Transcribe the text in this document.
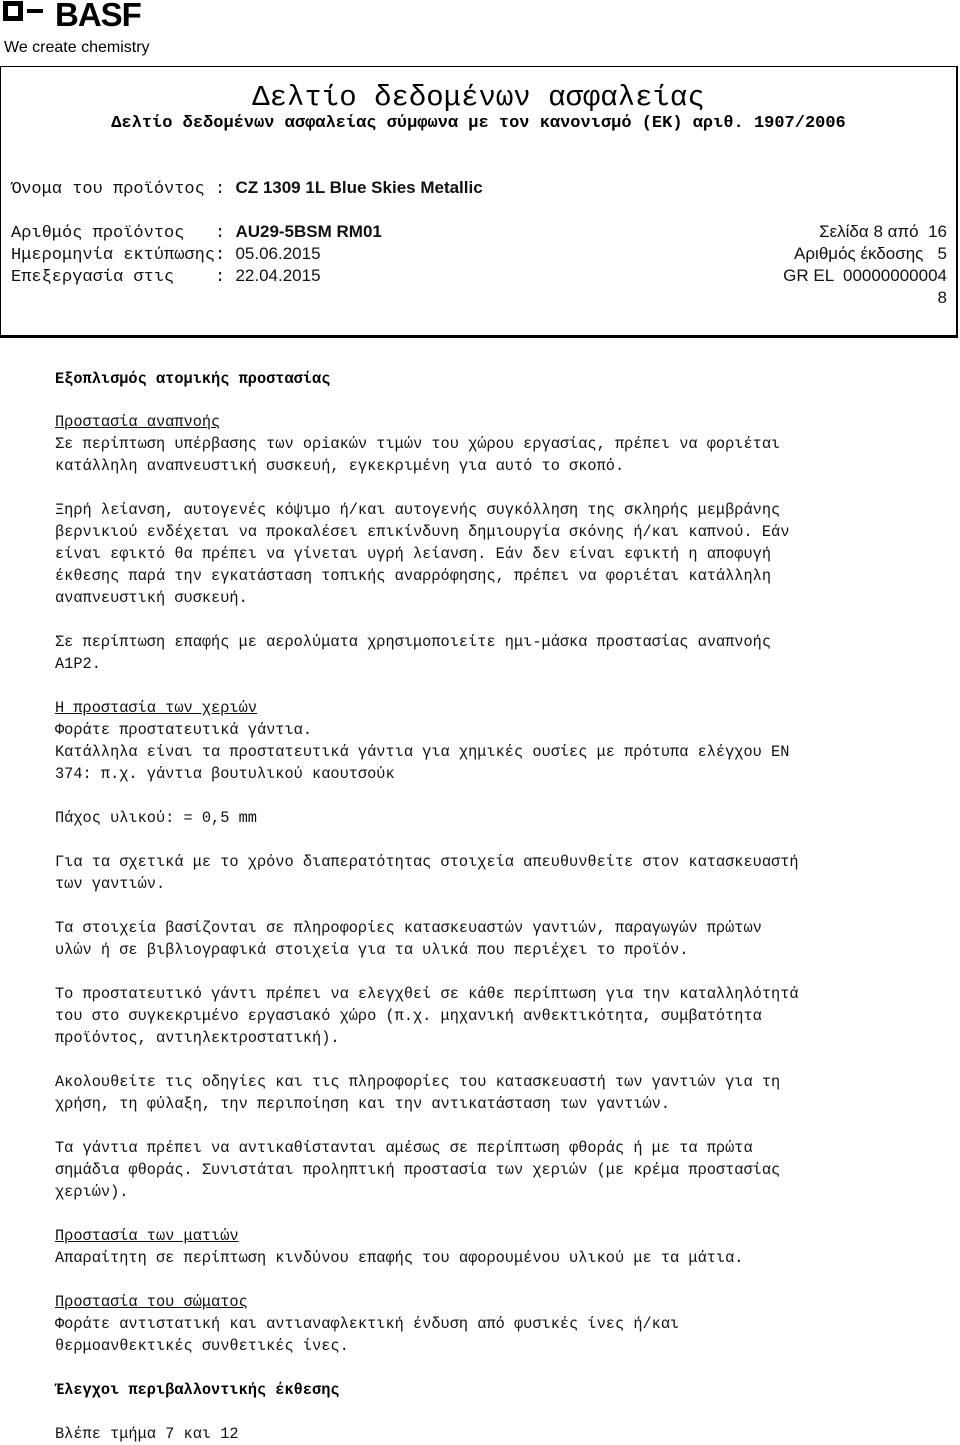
BASF
We create chemistry
Δελτίο δεδομένων ασφαλείας
Δελτίο δεδομένων ασφαλείας σύμφωνα με τον κανονισμό (ΕΚ) αριθ. 1907/2006
Όνομα του προϊόντος : CZ 1309 1L Blue Skies Metallic
Αριθμός προϊόντος   : AU29-5BSM RM01
Ημερομηνία εκτύπωσης: 05.06.2015
Επεξεργασία στις    : 22.04.2015
Σελίδα 8 από  16
Αριθμός έκδοσης   5
GR EL  00000000004
8
Εξοπλισμός ατομικής προστασίας
Προστασία αναπνοής
Σε περίπτωση υπέρβασης των ορiακών τιμών του χώρου εργασίας, πρέπει να φοριέται
κατάλληλη αναπνευστική συσκευή, εγκεκριμένη για αυτό το σκοπό.
Ξηρή λείανση, αυτογενές κόψιμο ή/και αυτογενής συγκόλληση της σκληρής μεμβράνης
βερνικιού ενδέχεται να προκαλέσει επικίνδυνη δημιουργία σκόνης ή/και καπνού. Εάν
είναι εφικτό θα πρέπει να γίνεται υγρή λείανση. Εάν δεν είναι εφικτή η αποφυγή
έκθεσης παρά την εγκατάσταση τοπικής αναρρόφησης, πρέπει να φοριέται κατάλληλη
αναπνευστική συσκευή.
Σε περίπτωση επαφής με αερολύματα χρησιμοποιείτε ημι-μάσκα προστασίας αναπνοής
A1P2.
Η προστασία των χεριών
Φοράτε προστατευτικά γάντια.
Κατάλληλα είναι τα προστατευτικά γάντια για χημικές ουσίες με πρότυπα ελέγχου EN
374: π.χ. γάντια βουτυλικού καουτσούκ
Πάχος υλικού: = 0,5 mm
Για τα σχετικά με το χρόνο διαπερατότητας στοιχεία απευθυνθείτε στον κατασκευαστή
των γαντιών.
Τα στοιχεία βασίζονται σε πληροφορίες κατασκευαστών γαντιών, παραγωγών πρώτων
υλών ή σε βιβλιογραφικά στοιχεία για τα υλικά που περιέχει το προϊόν.
Το προστατευτικό γάντι πρέπει να ελεγχθεί σε κάθε περίπτωση για την καταλληλότητά
του στο συγκεκριμένο εργασιακό χώρο (π.χ. μηχανική ανθεκτικότητα, συμβατότητα
προϊόντος, αντιηλεκτροστατική).
Ακολουθείτε τις οδηγίες και τις πληροφορίες του κατασκευαστή των γαντιών για τη
χρήση, τη φύλαξη, την περιποίηση και την αντικατάσταση των γαντιών.
Τα γάντια πρέπει να αντικαθίστανται αμέσως σε περίπτωση φθοράς ή με τα πρώτα
σημάδια φθοράς. Συνιστάται προληπτική προστασία των χεριών (με κρέμα προστασίας
χεριών).
Προστασία των ματιών
Απαραίτητη σε περίπτωση κινδύνου επαφής του αφορουμένου υλικού με τα μάτια.
Προστασία του σώματος
Φοράτε αντιστατική και αντιαναφλεκτική ένδυση από φυσικές ίνες ή/και
θερμοανθεκτικές συνθετικές ίνες.
Έλεγχοι περιβαλλοντικής έκθεσης
Βλέπε τμήμα 7 και 12
